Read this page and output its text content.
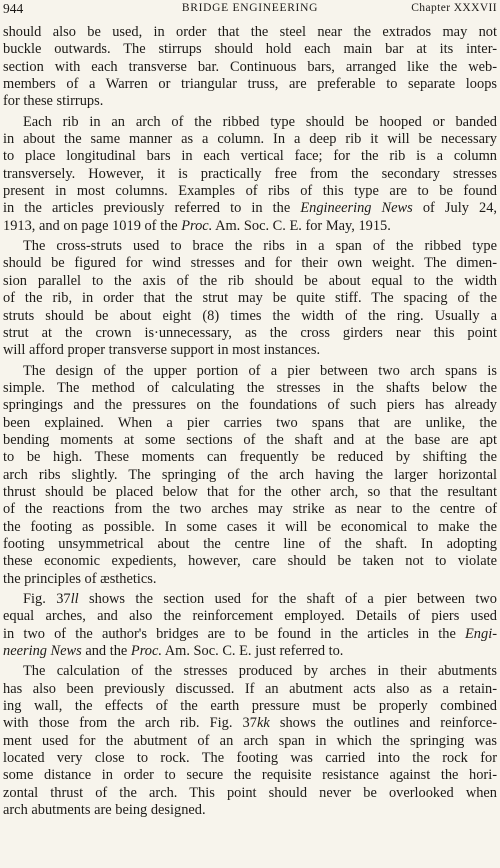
944	BRIDGE ENGINEERING	Chapter XXXVII

should also be used, in order that the steel near the extrados may not
buckle outwards. The stirrups should hold each main bar at its inter-
section with each transverse bar. Continuous bars, arranged like the web-
members of a Warren or triangular truss, are preferable to separate loops
for these stirrups.

Each rib in an arch of the ribbed type should be hooped or banded
in about the same manner as a column. In a deep rib it will be necessary
to place longitudinal bars in each vertical face; for the rib is a column
transversely. However, it is practically free from the secondary stresses
present in most columns. Examples of ribs of this type are to be found
in the articles previously referred to in the Engineering News of July 24,
1913, and on page 1019 of the Proc. Am. Soc. C. E. for May, 1915.

The cross-struts used to brace the ribs in a span of the ribbed type
should be figured for wind stresses and for their own weight. The dimen-
sion parallel to the axis of the rib should be about equal to the width
of the rib, in order that the strut may be quite stiff. The spacing of the
struts should be about eight (8) times the width of the ring. Usually a
strut at the crown is·unnecessary, as the cross girders near this point
will afford proper transverse support in most instances.

The design of the upper portion of a pier between two arch spans is
simple. The method of calculating the stresses in the shafts below the
springings and the pressures on the foundations of such piers has already
been explained. When a pier carries two spans that are unlike, the
bending moments at some sections of the shaft and at the base are apt
to be high. These moments can frequently be reduced by shifting the
arch ribs slightly. The springing of the arch having the larger horizontal
thrust should be placed below that for the other arch, so that the resultant
of the reactions from the two arches may strike as near to the centre of
the footing as possible. In some cases it will be economical to make the
footing unsymmetrical about the centre line of the shaft. In adopting
these economic expedients, however, care should be taken not to violate
the principles of æsthetics.

Fig. 37ll shows the section used for the shaft of a pier between two
equal arches, and also the reinforcement employed. Details of piers used
in two of the author's bridges are to be found in the articles in the Engi-
neering News and the Proc. Am. Soc. C. E. just referred to.

The calculation of the stresses produced by arches in their abutments
has also been previously discussed. If an abutment acts also as a retain-
ing wall, the effects of the earth pressure must be properly combined
with those from the arch rib. Fig. 37kk shows the outlines and reinforce-
ment used for the abutment of an arch span in which the springing was
located very close to rock. The footing was carried into the rock for
some distance in order to secure the requisite resistance against the hori-
zontal thrust of the arch. This point should never be overlooked when
arch abutments are being designed.
